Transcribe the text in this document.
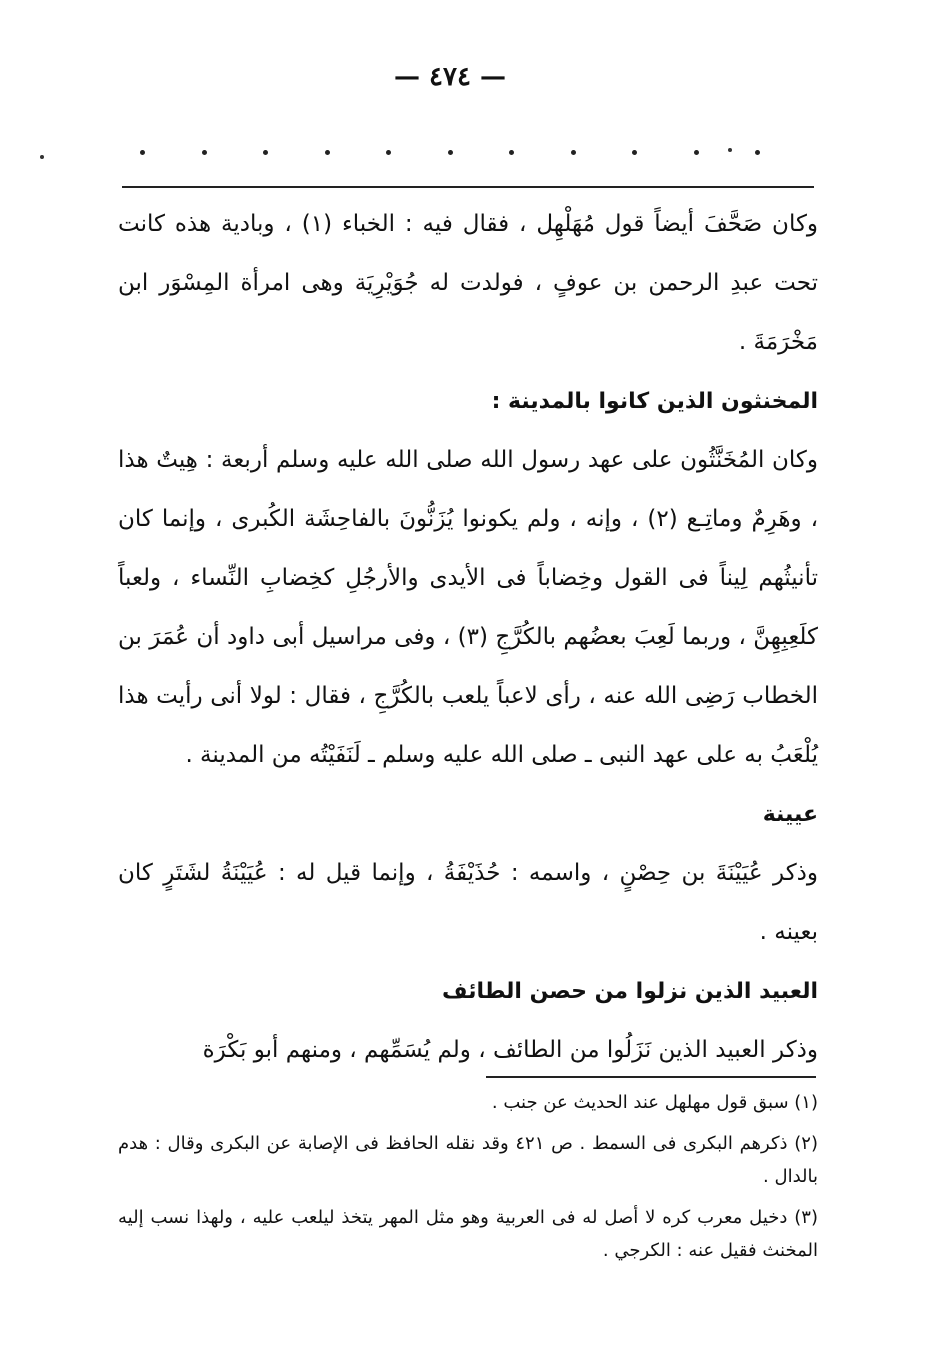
— ٤٧٤ —

وكان صَحَّفَ أيضاً قول مُهَلْهِل ، فقال فيه : الخباء (١) ، وبادية هذه كانت تحت عبدِ الرحمن بن عوفٍ ، فولدت له جُوَيْرِيَة وهى امرأة المِسْوَر ابن مَخْرَمَةَ .

المخنثون الذين كانوا بالمدينة :

وكان المُخَنَّثُون على عهد رسول الله صلى الله عليه وسلم أربعة : هِيتٌ هذا ، وهَرِمٌ وماتِـع (٢) ، وإنه ، ولم يكونوا يُزَنُّونَ بالفاحِشَة الكُبرى ، وإنما كان تأنيثُهم لِيناً فى القول وخِضاباً فى الأيدى والأرجُلِ كخِضابِ النِّساء ، ولعباً كلَعِبِهِنَّ ، وربما لَعِبَ بعضُهم بالكُرَّجِ (٣) ، وفى مراسيل أبى داود أن عُمَرَ بن الخطاب رَضِى الله عنه ، رأى لاعباً يلعب بالكُرَّجِ ، فقال : لولا أنى رأيت هذا يُلْعَبُ به على عهد النبى ـ صلى الله عليه وسلم ـ لَنَفَيْتُه من المدينة .

عيينة

وذكر عُيَيْنَةَ بن حِصْنٍ ، واسمه : حُذَيْفَةُ ، وإنما قيل له : عُيَيْنَةُ لشَتَرٍ كان بعينه .

العبيد الذين نزلوا من حصن الطائف

وذكر العبيد الذين نَزَلُوا من الطائف ، ولم يُسَمِّهم ، ومنهم أبو بَكْرَة

(١) سبق قول مهلهل عند الحديث عن جنب .

(٢) ذكرهم البكرى فى السمط . ص ٤٢١ وقد نقله الحافظ فى الإصابة عن البكرى وقال : هدم بالدال .

(٣) دخيل معرب كره لا أصل له فى العربية وهو مثل المهر يتخذ ليلعب عليه ، ولهذا نسب إليه المخنث فقيل عنه : الكرجي .
